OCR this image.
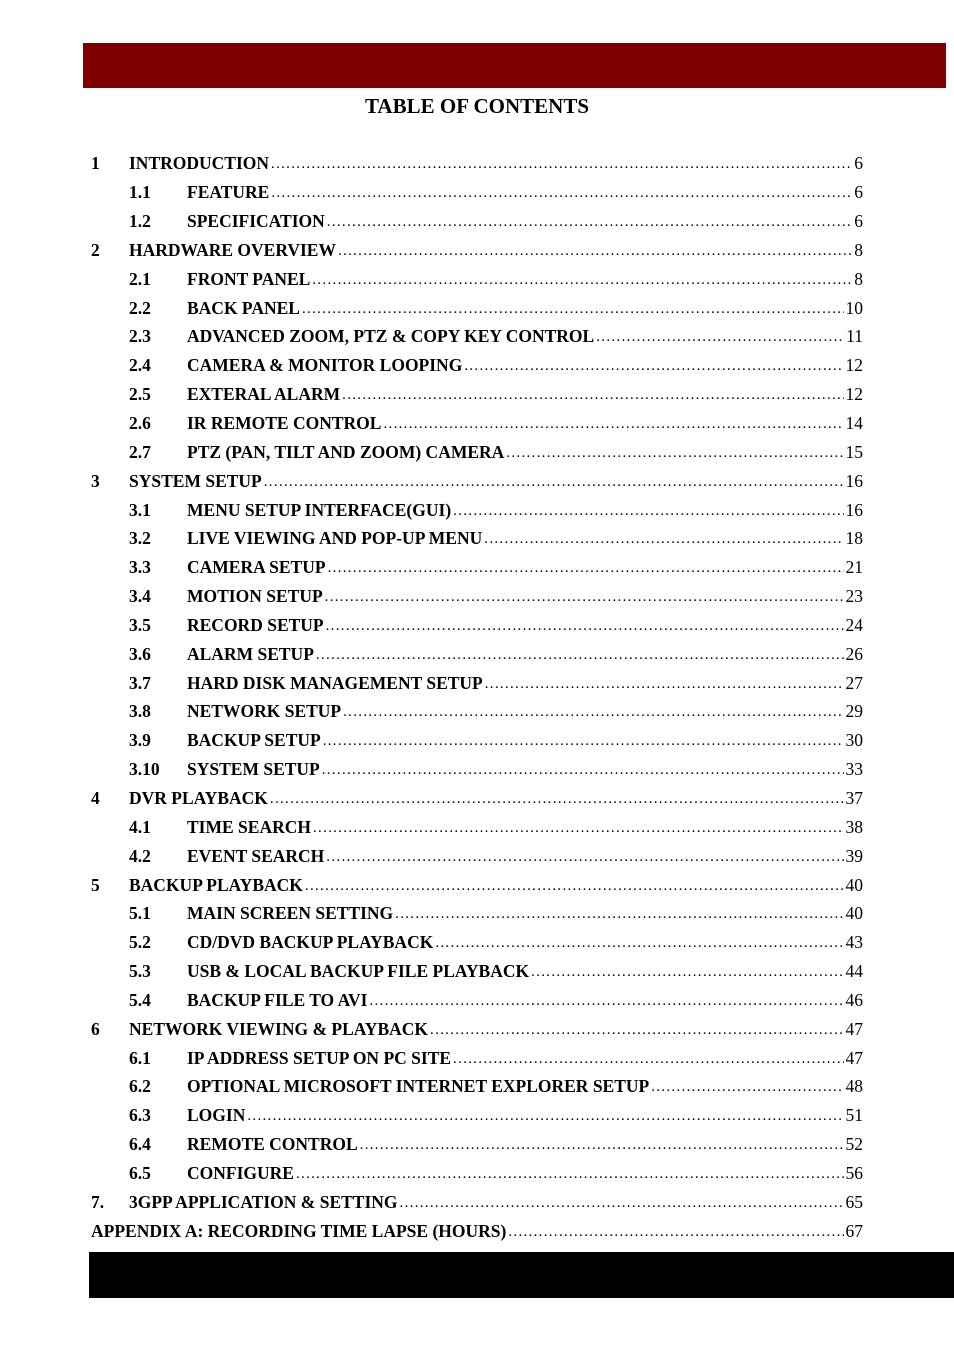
TABLE OF CONTENTS
1	INTRODUCTION .....	6
1.1	FEATURE .....	6
1.2	SPECIFICATION .....	6
2	HARDWARE OVERVIEW .....	8
2.1	FRONT PANEL .....	8
2.2	BACK PANEL .....	10
2.3	ADVANCED ZOOM, PTZ & COPY KEY CONTROL .....	11
2.4	CAMERA & MONITOR LOOPING .....	12
2.5	EXTERAL ALARM .....	12
2.6	IR REMOTE CONTROL .....	14
2.7	PTZ (PAN, TILT AND ZOOM) CAMERA .....	15
3	SYSTEM SETUP .....	16
3.1	MENU SETUP INTERFACE(GUI) .....	16
3.2	LIVE VIEWING AND POP-UP MENU .....	18
3.3	CAMERA SETUP .....	21
3.4	MOTION SETUP .....	23
3.5	RECORD SETUP .....	24
3.6	ALARM SETUP .....	26
3.7	HARD DISK MANAGEMENT SETUP .....	27
3.8	NETWORK SETUP .....	29
3.9	BACKUP SETUP .....	30
3.10	SYSTEM SETUP .....	33
4	DVR PLAYBACK .....	37
4.1	TIME SEARCH .....	38
4.2	EVENT SEARCH .....	39
5	BACKUP PLAYBACK .....	40
5.1	MAIN SCREEN SETTING .....	40
5.2	CD/DVD BACKUP PLAYBACK .....	43
5.3	USB & LOCAL BACKUP FILE PLAYBACK .....	44
5.4	BACKUP FILE TO AVI .....	46
6	NETWORK VIEWING & PLAYBACK .....	47
6.1	IP ADDRESS SETUP ON PC SITE .....	47
6.2	OPTIONAL MICROSOFT INTERNET EXPLORER SETUP .....	48
6.3	LOGIN .....	51
6.4	REMOTE CONTROL .....	52
6.5	CONFIGURE .....	56
7.	3GPP APPLICATION & SETTING .....	65
APPENDIX A: RECORDING TIME LAPSE (HOURS) .....	67
